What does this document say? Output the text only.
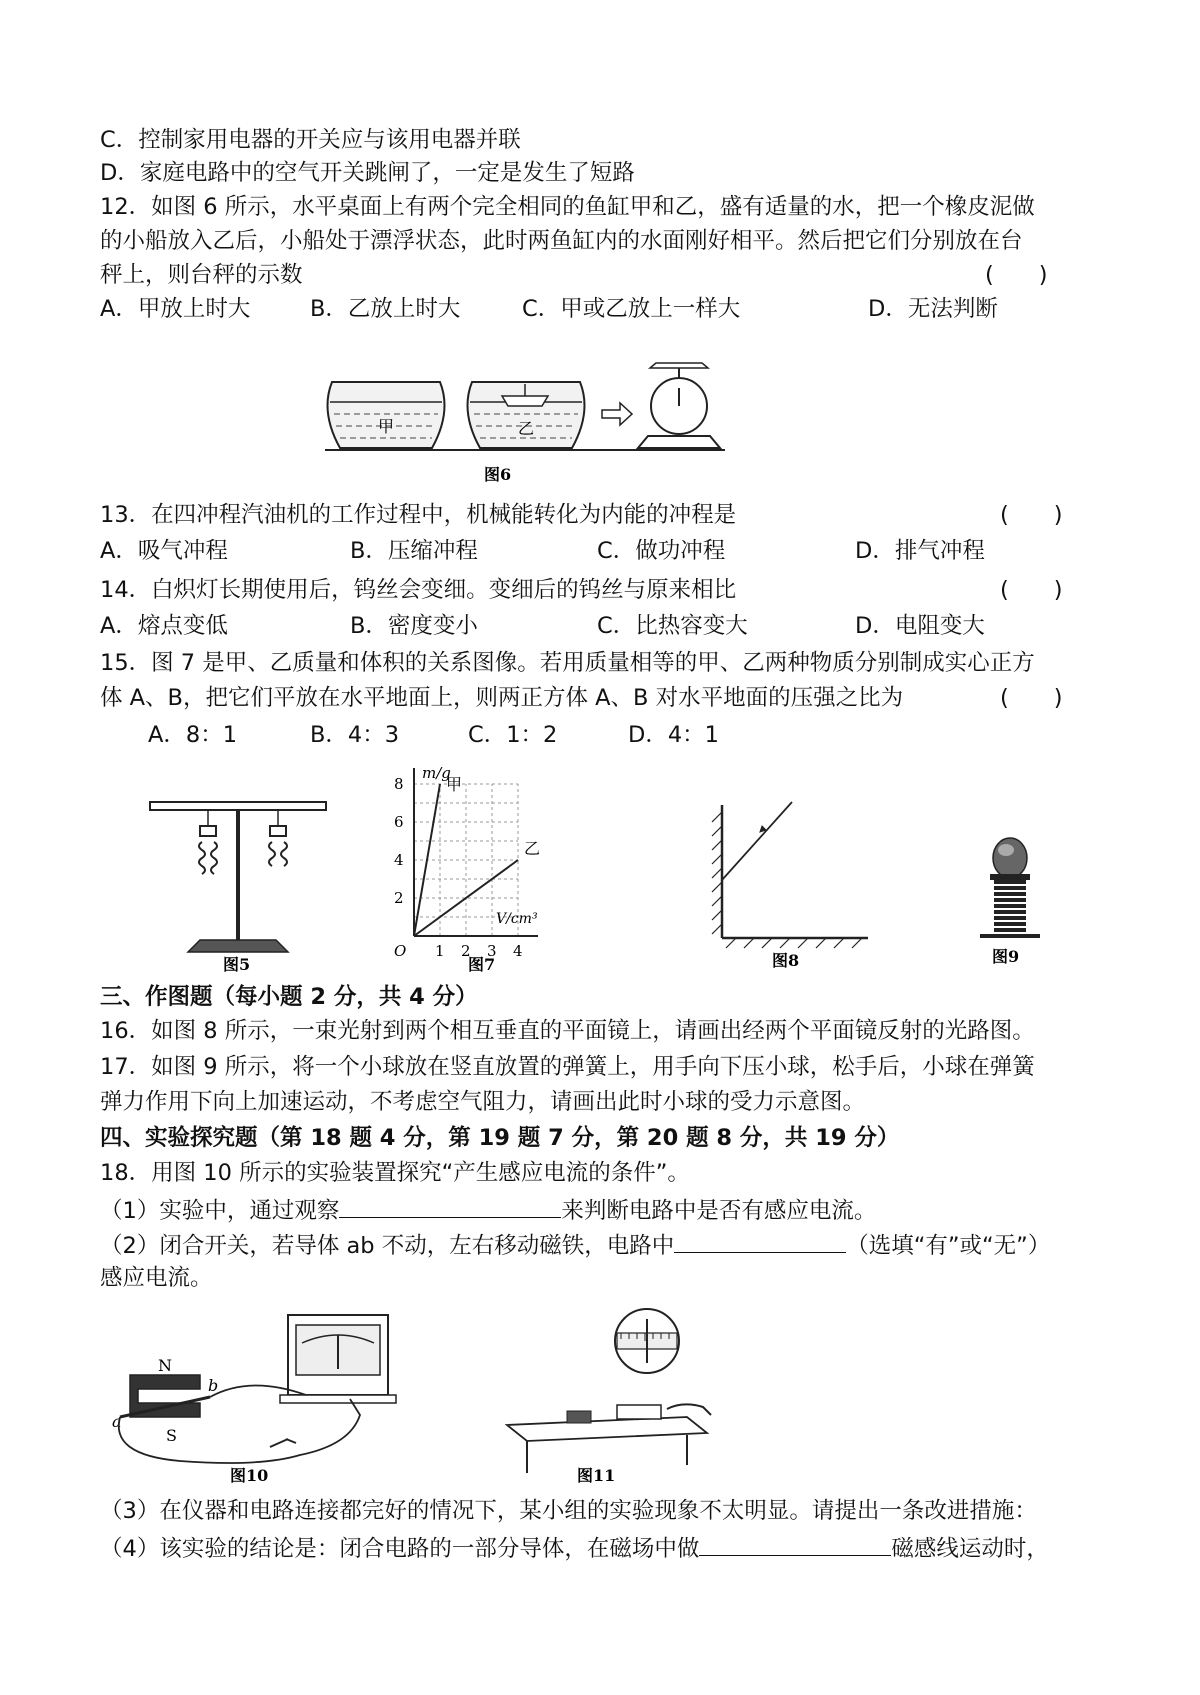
C．控制家用电器的开关应与该用电器并联
D．家庭电路中的空气开关跳闸了，一定是发生了短路
12．如图 6 所示，水平桌面上有两个完全相同的鱼缸甲和乙，盛有适量的水，把一个橡皮泥做
的小船放入乙后，小船处于漂浮状态，此时两鱼缸内的水面刚好相平。然后把它们分别放在台
秤上，则台秤的示数	(　　)
A．甲放上时大	B．乙放上时大	C．甲或乙放上一样大	D．无法判断
甲	乙
图6
13．在四冲程汽油机的工作过程中，机械能转化为内能的冲程是	(　　)
A．吸气冲程	B．压缩冲程	C．做功冲程	D．排气冲程
14．白炽灯长期使用后，钨丝会变细。变细后的钨丝与原来相比	(　　)
A．熔点变低	B．密度变小	C．比热容变大	D．电阻变大
15．图 7 是甲、乙质量和体积的关系图像。若用质量相等的甲、乙两种物质分别制成实心正方
体 A、B，把它们平放在水平地面上，则两正方体 A、B 对水平地面的压强之比为	(　　)
A．8：1	B．4：3	C．1：2	D．4：1
图5
m/g
V/cm³
O
2
4
6
8
1 2 3 4
甲
乙
图7	图8	图9
三、作图题（每小题 2 分，共 4 分）
16．如图 8 所示，一束光射到两个相互垂直的平面镜上，请画出经两个平面镜反射的光路图。
17．如图 9 所示，将一个小球放在竖直放置的弹簧上，用手向下压小球，松手后，小球在弹簧
弹力作用下向上加速运动，不考虑空气阻力，请画出此时小球的受力示意图。
四、实验探究题（第 18 题 4 分，第 19 题 7 分，第 20 题 8 分，共 19 分）
18．用图 10 所示的实验装置探究“产生感应电流的条件”。
（1）实验中，通过观察	来判断电路中是否有感应电流。
（2）闭合开关，若导体 ab 不动，左右移动磁铁，电路中	（选填“有”或“无”）
感应电流。
N
S
b
a
图10	图11
（3）在仪器和电路连接都完好的情况下，某小组的实验现象不太明显。请提出一条改进措施：
（4）该实验的结论是：闭合电路的一部分导体，在磁场中做	磁感线运动时，
